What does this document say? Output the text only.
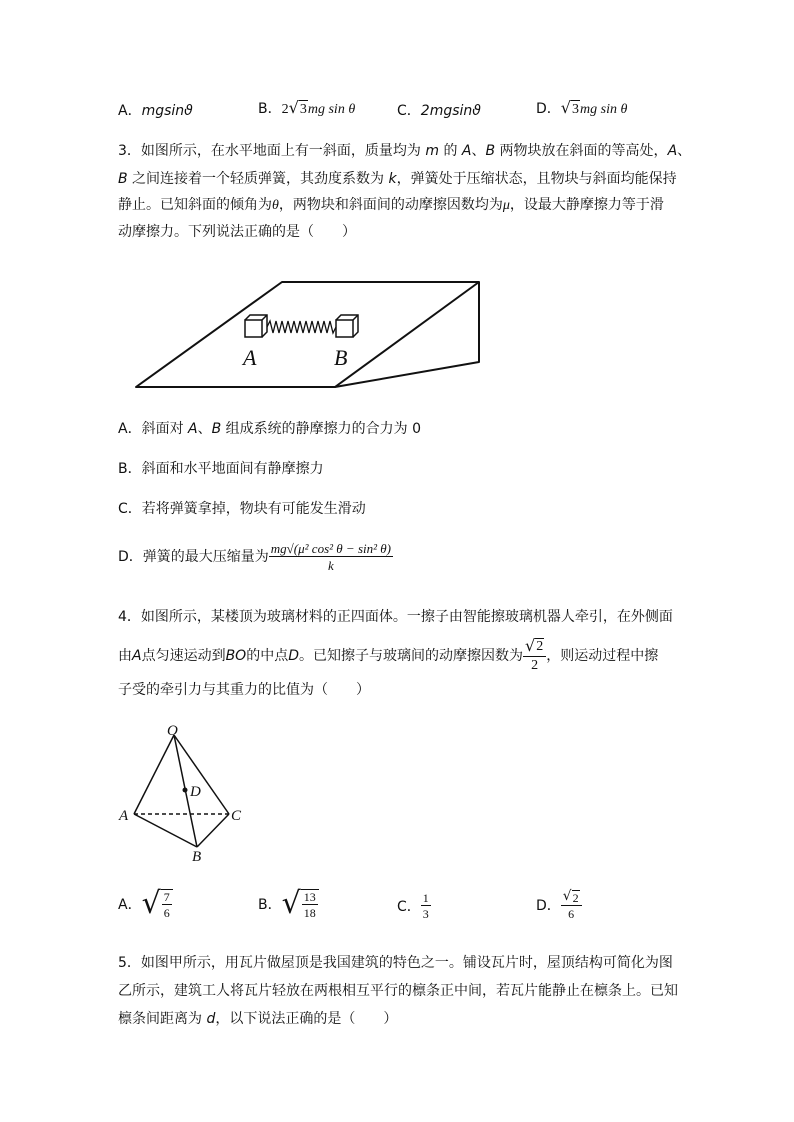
A．mgsinϑ	B．2 √ 3 mg sin θ	C．2mgsinϑ	D． √ 3 mg sin θ
3．如图所示，在水平地面上有一斜面，质量均为 m 的 A、B 两物块放在斜面的等高处，A、
B 之间连接着一个轻质弹簧，其劲度系数为 k，弹簧处于压缩状态，且物块与斜面均能保持
静止。已知斜面的倾角为θ，两物块和斜面间的动摩擦因数均为μ，设最大静摩擦力等于滑
动摩擦力。下列说法正确的是（　　）
A	B
A．斜面对 A、B 组成系统的静摩擦力的合力为 0
B．斜面和水平地面间有静摩擦力
C．若将弹簧拿掉，物块有可能发生滑动
D． 弹簧的最大压缩量为 $\frac{\text{mg√(μ² cos² θ − sin² θ)}}{k}$
4．如图所示，某楼顶为玻璃材料的正四面体。一擦子由智能擦玻璃机器人牵引，在外侧面
由 A 点匀速运动到 BO 的中点 D 。已知擦子与玻璃间的动摩擦因数为 $\frac{√ 2}{2}$ ，则运动过程中擦
子受的牵引力与其重力的比值为（　　）
O
D
A	C
B
A． √ $\frac{7}{6}$	B． √ $\frac{13}{18}$	C． $\frac{1}{3}$	D． $\frac{√ 2}{6}$
5．如图甲所示，用瓦片做屋顶是我国建筑的特色之一。铺设瓦片时，屋顶结构可简化为图
乙所示，建筑工人将瓦片轻放在两根相互平行的檩条正中间，若瓦片能静止在檩条上。已知
檩条间距离为 d，以下说法正确的是（　　）
